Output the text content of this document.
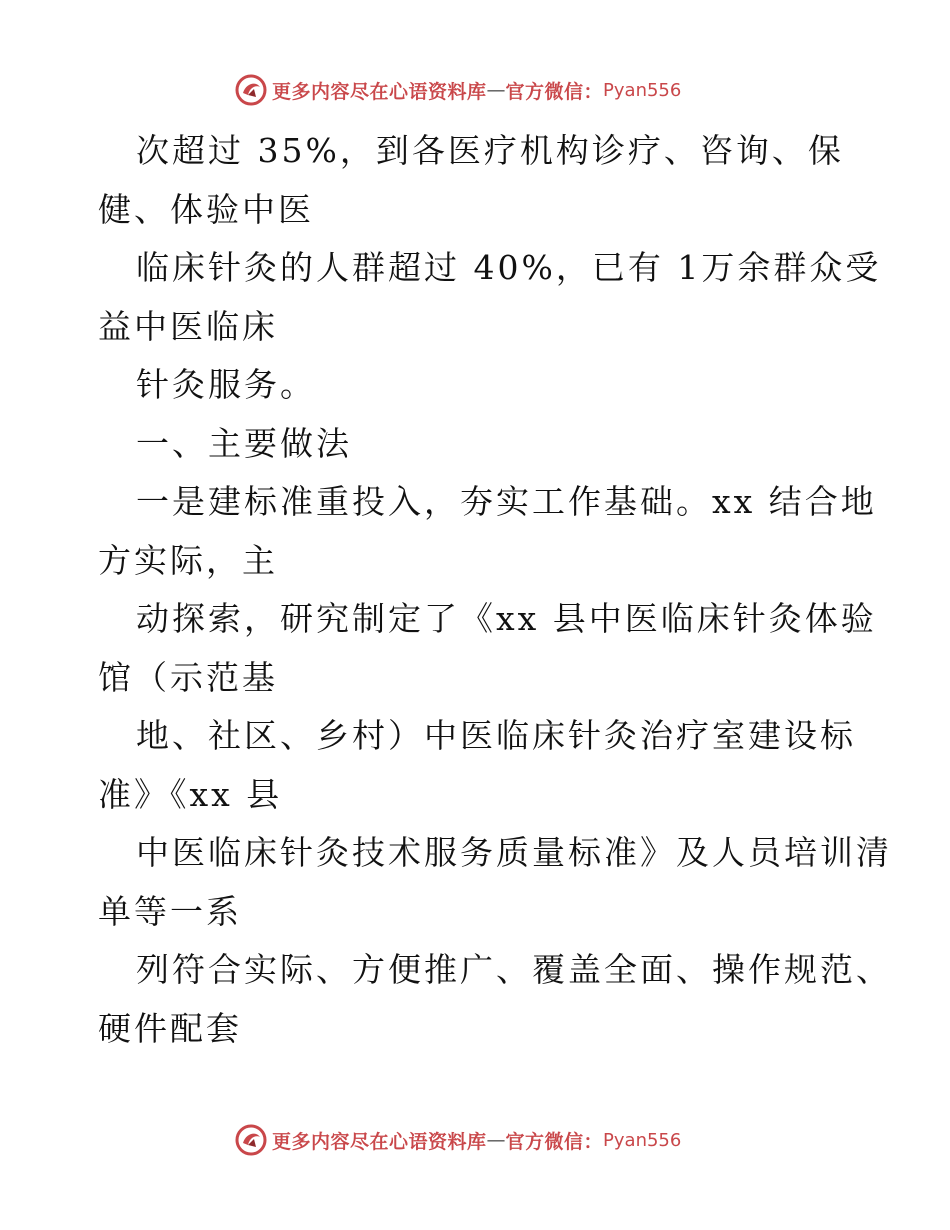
更多内容尽在心语资料库 — 官方微信： Pyan556
次超过 35%，到各医疗机构诊疗、咨询、保
健、体验中医
临床针灸的人群超过 40%，已有 1万余群众受
益中医临床
针灸服务。
一、主要做法
一是建标准重投入，夯实工作基础。xx 结合地
方实际，主
动探索，研究制定了《xx 县中医临床针灸体验
馆（示范基
地、社区、乡村）中医临床针灸治疗室建设标
准》《xx 县
中医临床针灸技术服务质量标准》及人员培训清
单等一系
列符合实际、方便推广、覆盖全面、操作规范、
硬件配套
更多内容尽在心语资料库 — 官方微信： Pyan556
